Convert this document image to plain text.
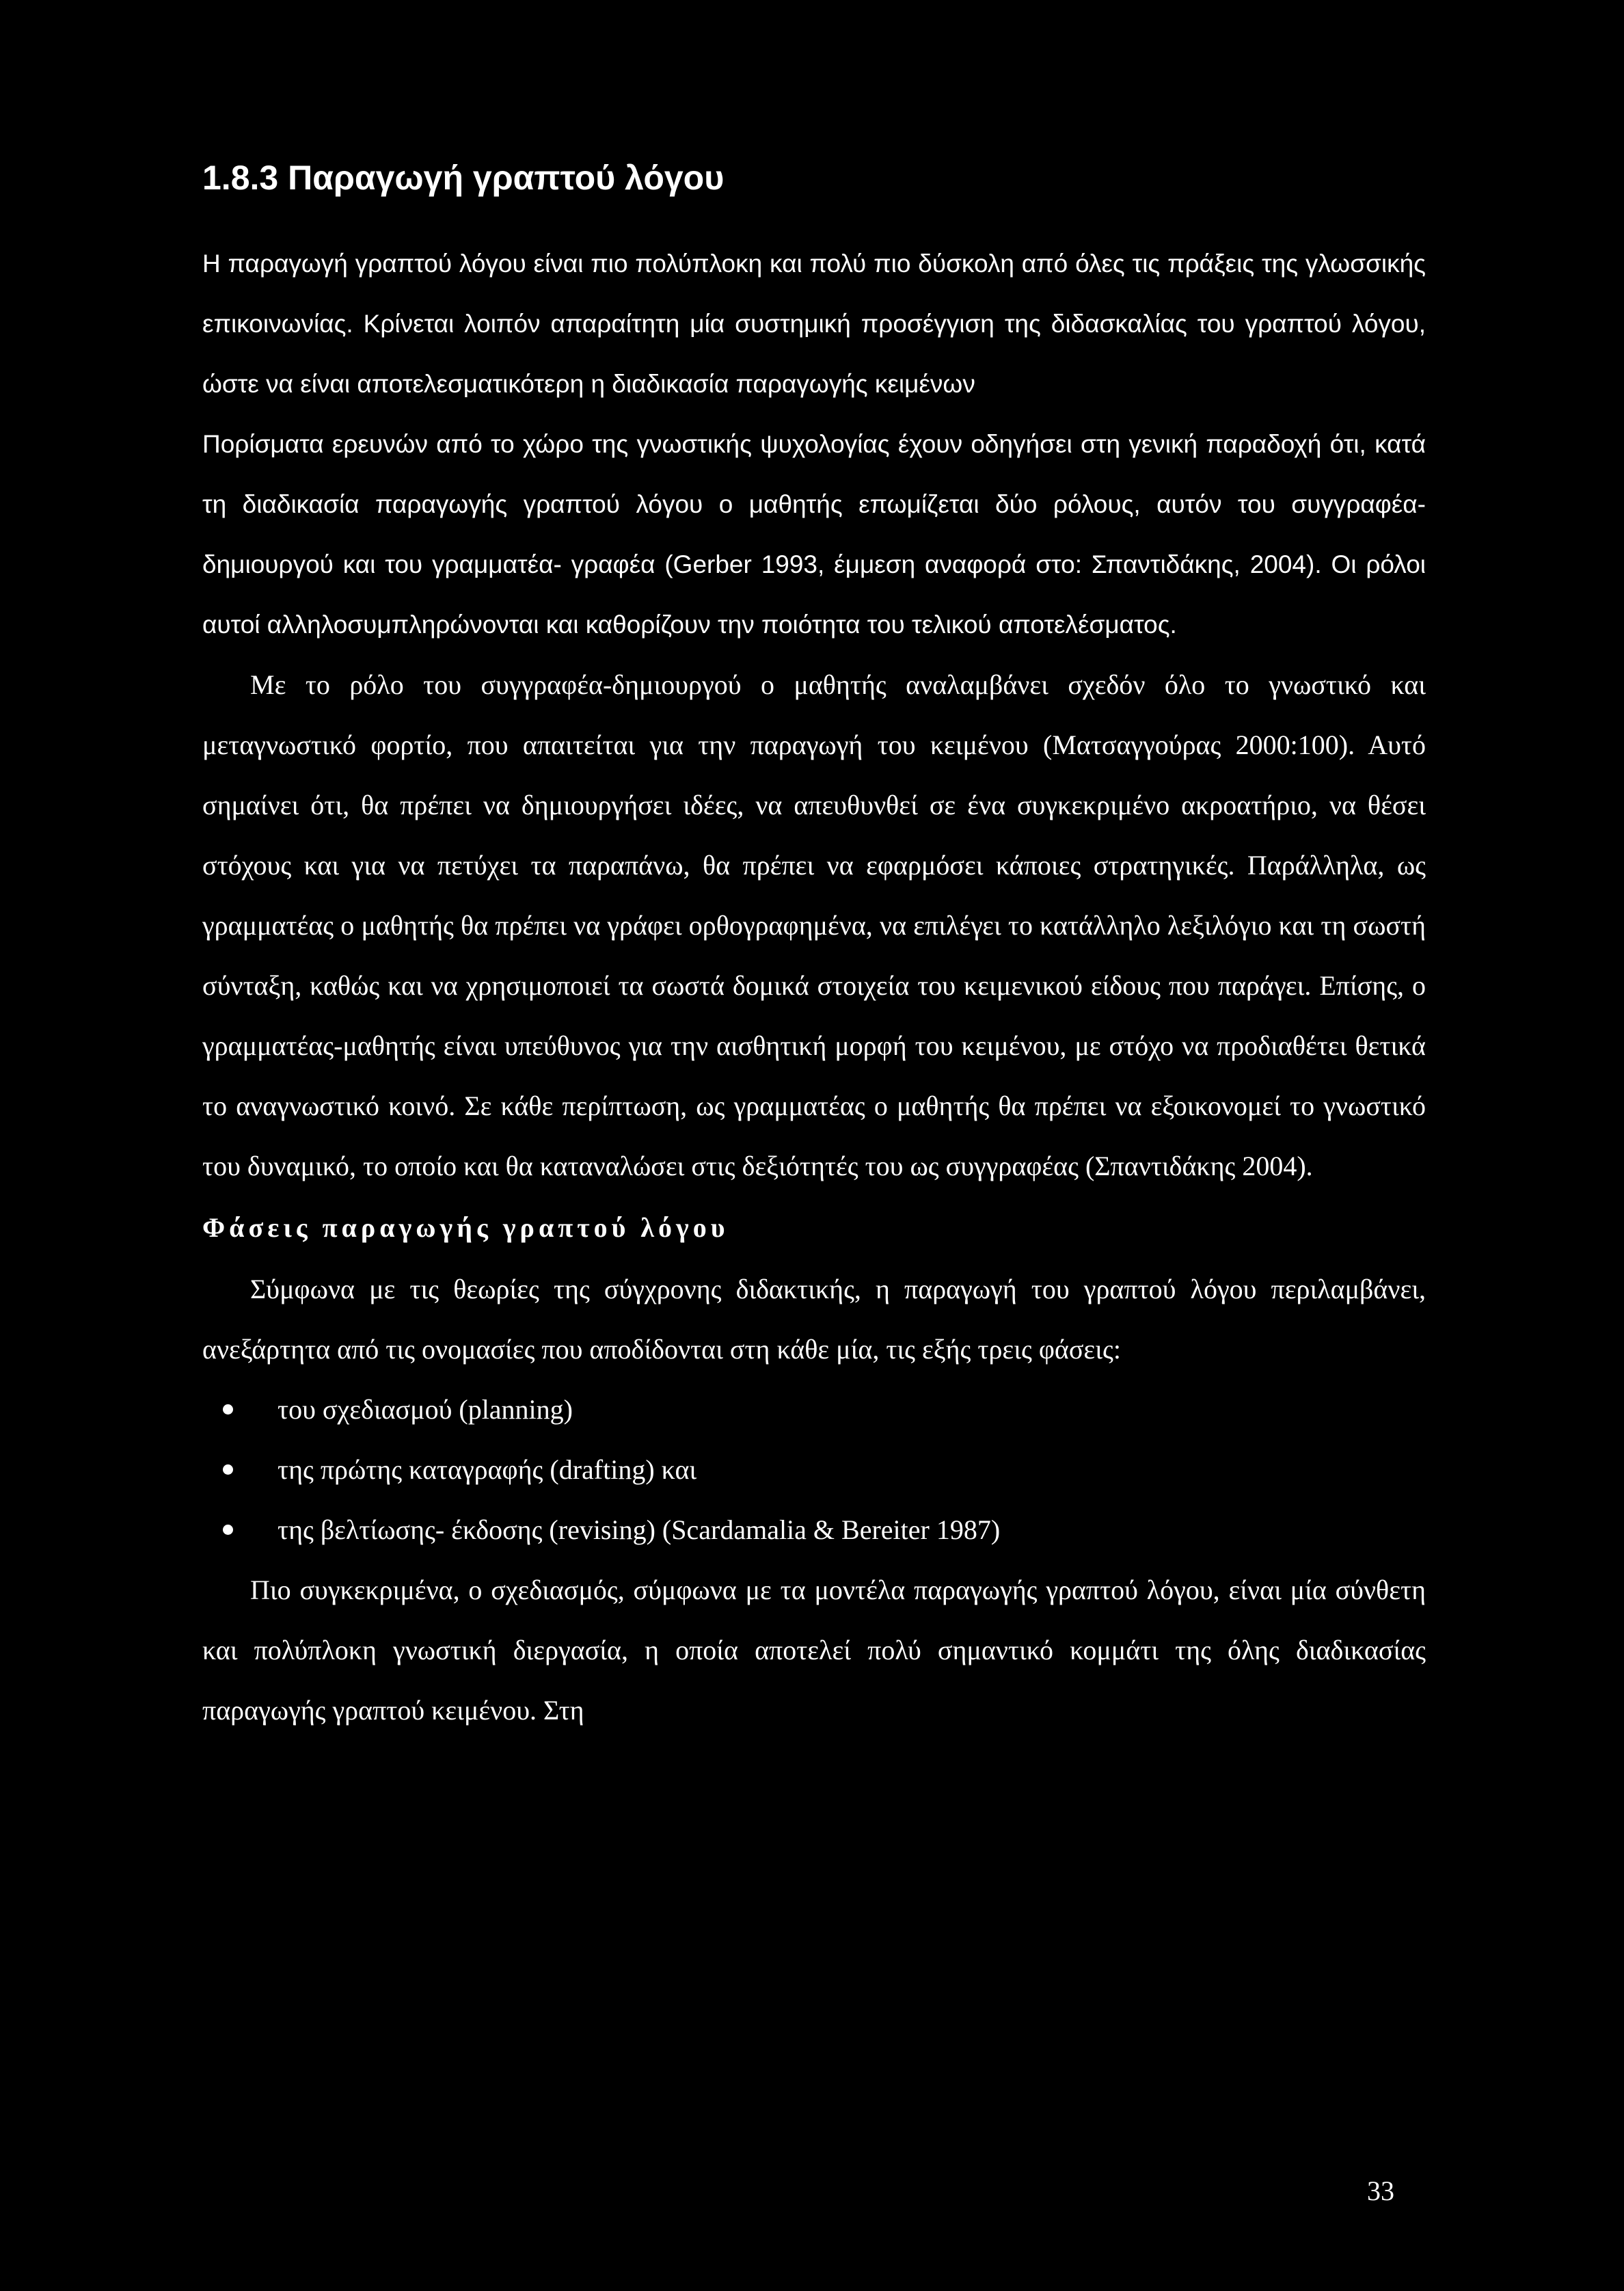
1.8.3 Παραγωγή γραπτού λόγου

Η παραγωγή γραπτού λόγου είναι πιο πολύπλοκη και πολύ πιο δύσκολη από όλες τις πράξεις της γλωσσικής επικοινωνίας. Κρίνεται λοιπόν απαραίτητη μία συστημική προσέγγιση της διδασκαλίας του γραπτού λόγου, ώστε να είναι αποτελεσματικότερη η διαδικασία παραγωγής κειμένων

Πορίσματα ερευνών από το χώρο της γνωστικής ψυχολογίας έχουν οδηγήσει στη γενική παραδοχή ότι, κατά τη διαδικασία παραγωγής γραπτού λόγου ο μαθητής επωμίζεται δύο ρόλους, αυτόν του συγγραφέα-δημιουργού και του γραμματέα- γραφέα (Gerber 1993, έμμεση αναφορά στο: Σπαντιδάκης, 2004). Οι ρόλοι αυτοί αλληλοσυμπληρώνονται και καθορίζουν την ποιότητα του τελικού αποτελέσματος.

Με το ρόλο του συγγραφέα-δημιουργού ο μαθητής αναλαμβάνει σχεδόν όλο το γνωστικό και μεταγνωστικό φορτίο, που απαιτείται για την παραγωγή του κειμένου (Ματσαγγούρας 2000:100). Αυτό σημαίνει ότι, θα πρέπει να δημιουργήσει ιδέες, να απευθυνθεί σε ένα συγκεκριμένο ακροατήριο, να θέσει στόχους και για να πετύχει τα παραπάνω, θα πρέπει να εφαρμόσει κάποιες στρατηγικές. Παράλληλα, ως γραμματέας ο μαθητής θα πρέπει να γράφει ορθογραφημένα, να επιλέγει το κατάλληλο λεξιλόγιο και τη σωστή σύνταξη, καθώς και να χρησιμοποιεί τα σωστά δομικά στοιχεία του κειμενικού είδους που παράγει. Επίσης, ο γραμματέας-μαθητής είναι υπεύθυνος για την αισθητική μορφή του κειμένου, με στόχο να προδιαθέτει θετικά το αναγνωστικό κοινό. Σε κάθε περίπτωση, ως γραμματέας ο μαθητής θα πρέπει να εξοικονομεί το γνωστικό του δυναμικό, το οποίο και θα καταναλώσει στις δεξιότητές του ως συγγραφέας (Σπαντιδάκης 2004).

Φάσεις παραγωγής γραπτού λόγου

Σύμφωνα με τις θεωρίες της σύγχρονης διδακτικής, η παραγωγή του γραπτού λόγου περιλαμβάνει, ανεξάρτητα από τις ονομασίες που αποδίδονται στη κάθε μία, τις εξής τρεις φάσεις:

του σχεδιασμού (planning)
της πρώτης καταγραφής (drafting) και
της βελτίωσης- έκδοσης (revising) (Scardamalia & Bereiter 1987)

Πιο συγκεκριμένα, ο σχεδιασμός, σύμφωνα με τα μοντέλα παραγωγής γραπτού λόγου, είναι μία σύνθετη και πολύπλοκη γνωστική διεργασία, η οποία αποτελεί πολύ σημαντικό κομμάτι της όλης διαδικασίας παραγωγής γραπτού κειμένου. Στη

33
